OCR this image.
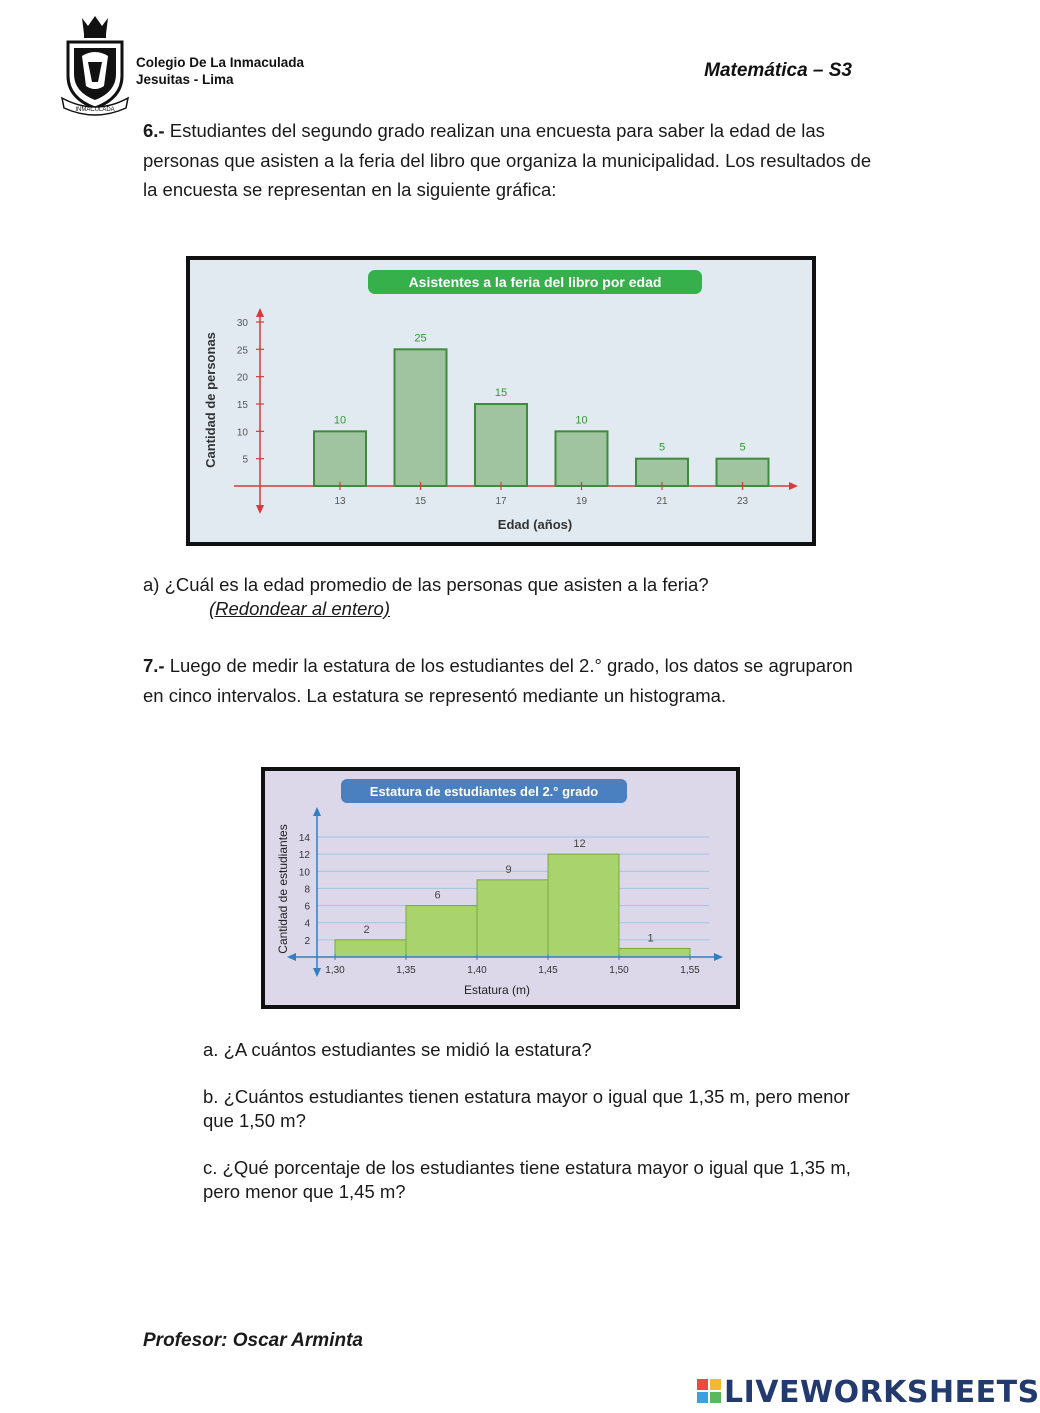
INMACULADA
Colegio De La Inmaculada
Jesuitas - Lima	Matemática – S3
6.- Estudiantes del segundo grado realizan una encuesta para saber la edad de las personas que asisten a la feria del libro que organiza la municipalidad. Los resultados de la encuesta se representan en la siguiente gráfica:
Asistentes a la feria del libro por edad
Edad (años)
Cantidad de personas 5
10
15
20
25
30
13
10
15
25
17
15
19
10
21
5
23
5
a) ¿Cuál es la edad promedio de las personas que asisten a la feria?
(Redondear al entero)
7.- Luego de medir la estatura de los estudiantes del 2.° grado, los datos se agruparon en cinco intervalos. La estatura se representó mediante un histograma.
Estatura de estudiantes del 2.° grado
Estatura (m)
Cantidad de estudiantes 2
4
6
8
10
12
14
2
6
9
12
1
1,30	1,35	1,40	1,45	1,50	1,55
a. ¿A cuántos estudiantes se midió la estatura?
b. ¿Cuántos estudiantes tienen estatura mayor o igual que 1,35 m, pero menor que 1,50 m?
c. ¿Qué porcentaje de los estudiantes tiene estatura mayor o igual que 1,35 m, pero menor que 1,45 m?
Profesor: Oscar Arminta
LIVEWORKSHEETS
